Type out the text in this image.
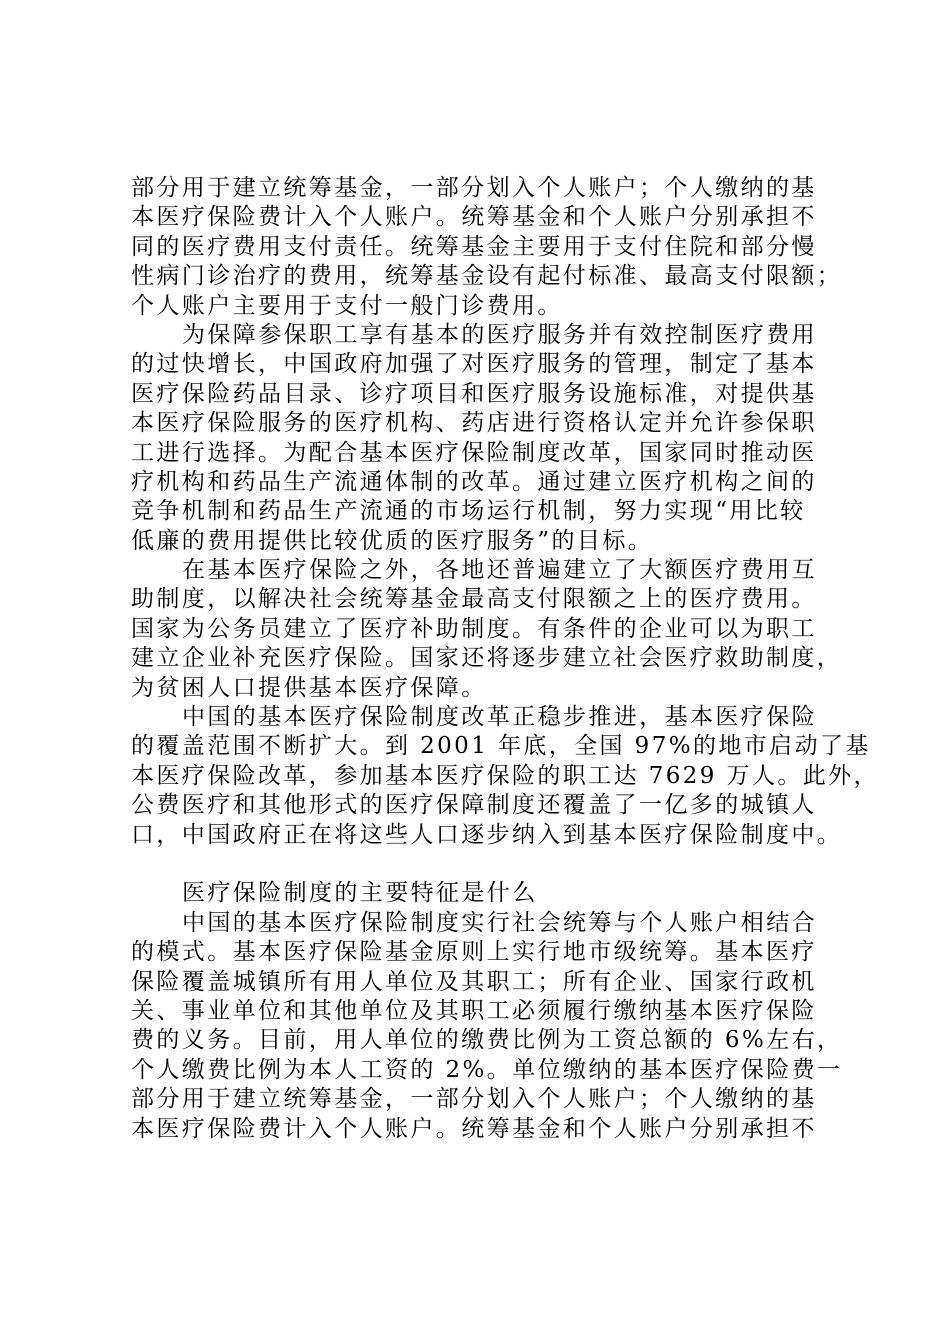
部分用于建立统筹基金，一部分划入个人账户；个人缴纳的基
本医疗保险费计入个人账户。统筹基金和个人账户分别承担不
同的医疗费用支付责任。统筹基金主要用于支付住院和部分慢
性病门诊治疗的费用，统筹基金设有起付标准、最高支付限额；
个人账户主要用于支付一般门诊费用。
为保障参保职工享有基本的医疗服务并有效控制医疗费用
的过快增长，中国政府加强了对医疗服务的管理，制定了基本
医疗保险药品目录、诊疗项目和医疗服务设施标准，对提供基
本医疗保险服务的医疗机构、药店进行资格认定并允许参保职
工进行选择。为配合基本医疗保险制度改革，国家同时推动医
疗机构和药品生产流通体制的改革。通过建立医疗机构之间的
竞争机制和药品生产流通的市场运行机制，努力实现“用比较
低廉的费用提供比较优质的医疗服务”的目标。
在基本医疗保险之外，各地还普遍建立了大额医疗费用互
助制度，以解决社会统筹基金最高支付限额之上的医疗费用。
国家为公务员建立了医疗补助制度。有条件的企业可以为职工
建立企业补充医疗保险。国家还将逐步建立社会医疗救助制度，
为贫困人口提供基本医疗保障。
中国的基本医疗保险制度改革正稳步推进，基本医疗保险
的覆盖范围不断扩大。到 2001 年底，全国 97%的地市启动了基
本医疗保险改革，参加基本医疗保险的职工达 7629 万人。此外，
公费医疗和其他形式的医疗保障制度还覆盖了一亿多的城镇人
口，中国政府正在将这些人口逐步纳入到基本医疗保险制度中。
医疗保险制度的主要特征是什么
中国的基本医疗保险制度实行社会统筹与个人账户相结合
的模式。基本医疗保险基金原则上实行地市级统筹。基本医疗
保险覆盖城镇所有用人单位及其职工；所有企业、国家行政机
关、事业单位和其他单位及其职工必须履行缴纳基本医疗保险
费的义务。目前，用人单位的缴费比例为工资总额的 6%左右，
个人缴费比例为本人工资的 2%。单位缴纳的基本医疗保险费一
部分用于建立统筹基金，一部分划入个人账户；个人缴纳的基
本医疗保险费计入个人账户。统筹基金和个人账户分别承担不
